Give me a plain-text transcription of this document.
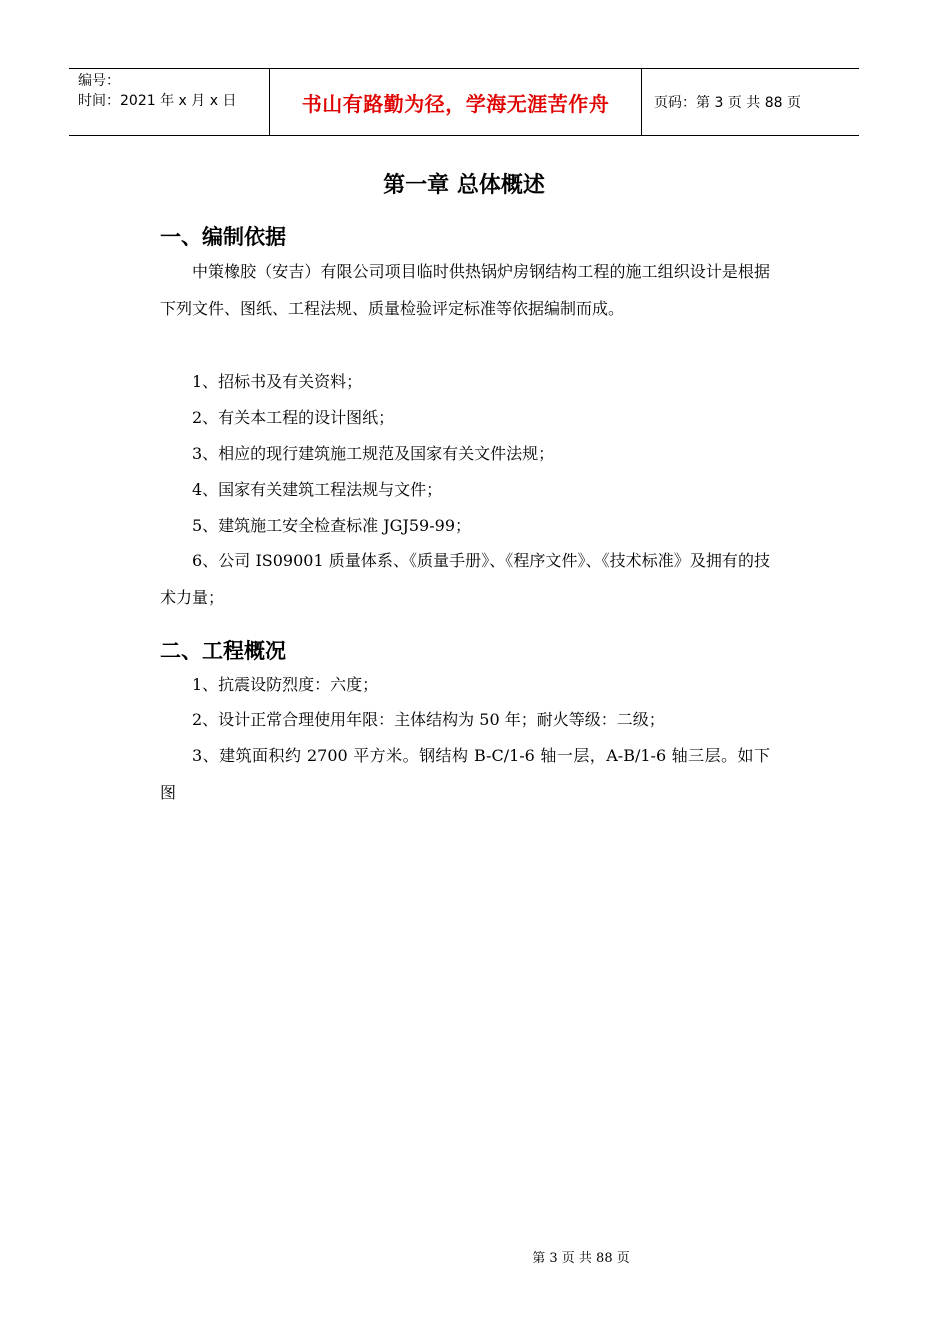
编号：
时间：2021 年 x 月 x 日	书山有路勤为径，学海无涯苦作舟	页码：第 3 页 共 88 页
第一章 总体概述
一、编制依据
中策橡胶（安吉）有限公司项目临时供热锅炉房钢结构工程的施工组织设计是根据下列文件、图纸、工程法规、质量检验评定标准等依据编制而成。
1、招标书及有关资料；
2、有关本工程的设计图纸；
3、相应的现行建筑施工规范及国家有关文件法规；
4、国家有关建筑工程法规与文件；
5、建筑施工安全检查标准 JGJ59-99；
6、公司 IS09001 质量体系、《质量手册》、《程序文件》、《技术标准》及拥有的技术力量；
二、工程概况
1、抗震设防烈度：六度；
2、设计正常合理使用年限：主体结构为 50 年；耐火等级：二级；
3、建筑面积约 2700 平方米。钢结构 B-C/1-6 轴一层，A-B/1-6 轴三层。如下图
第 3 页 共 88 页
